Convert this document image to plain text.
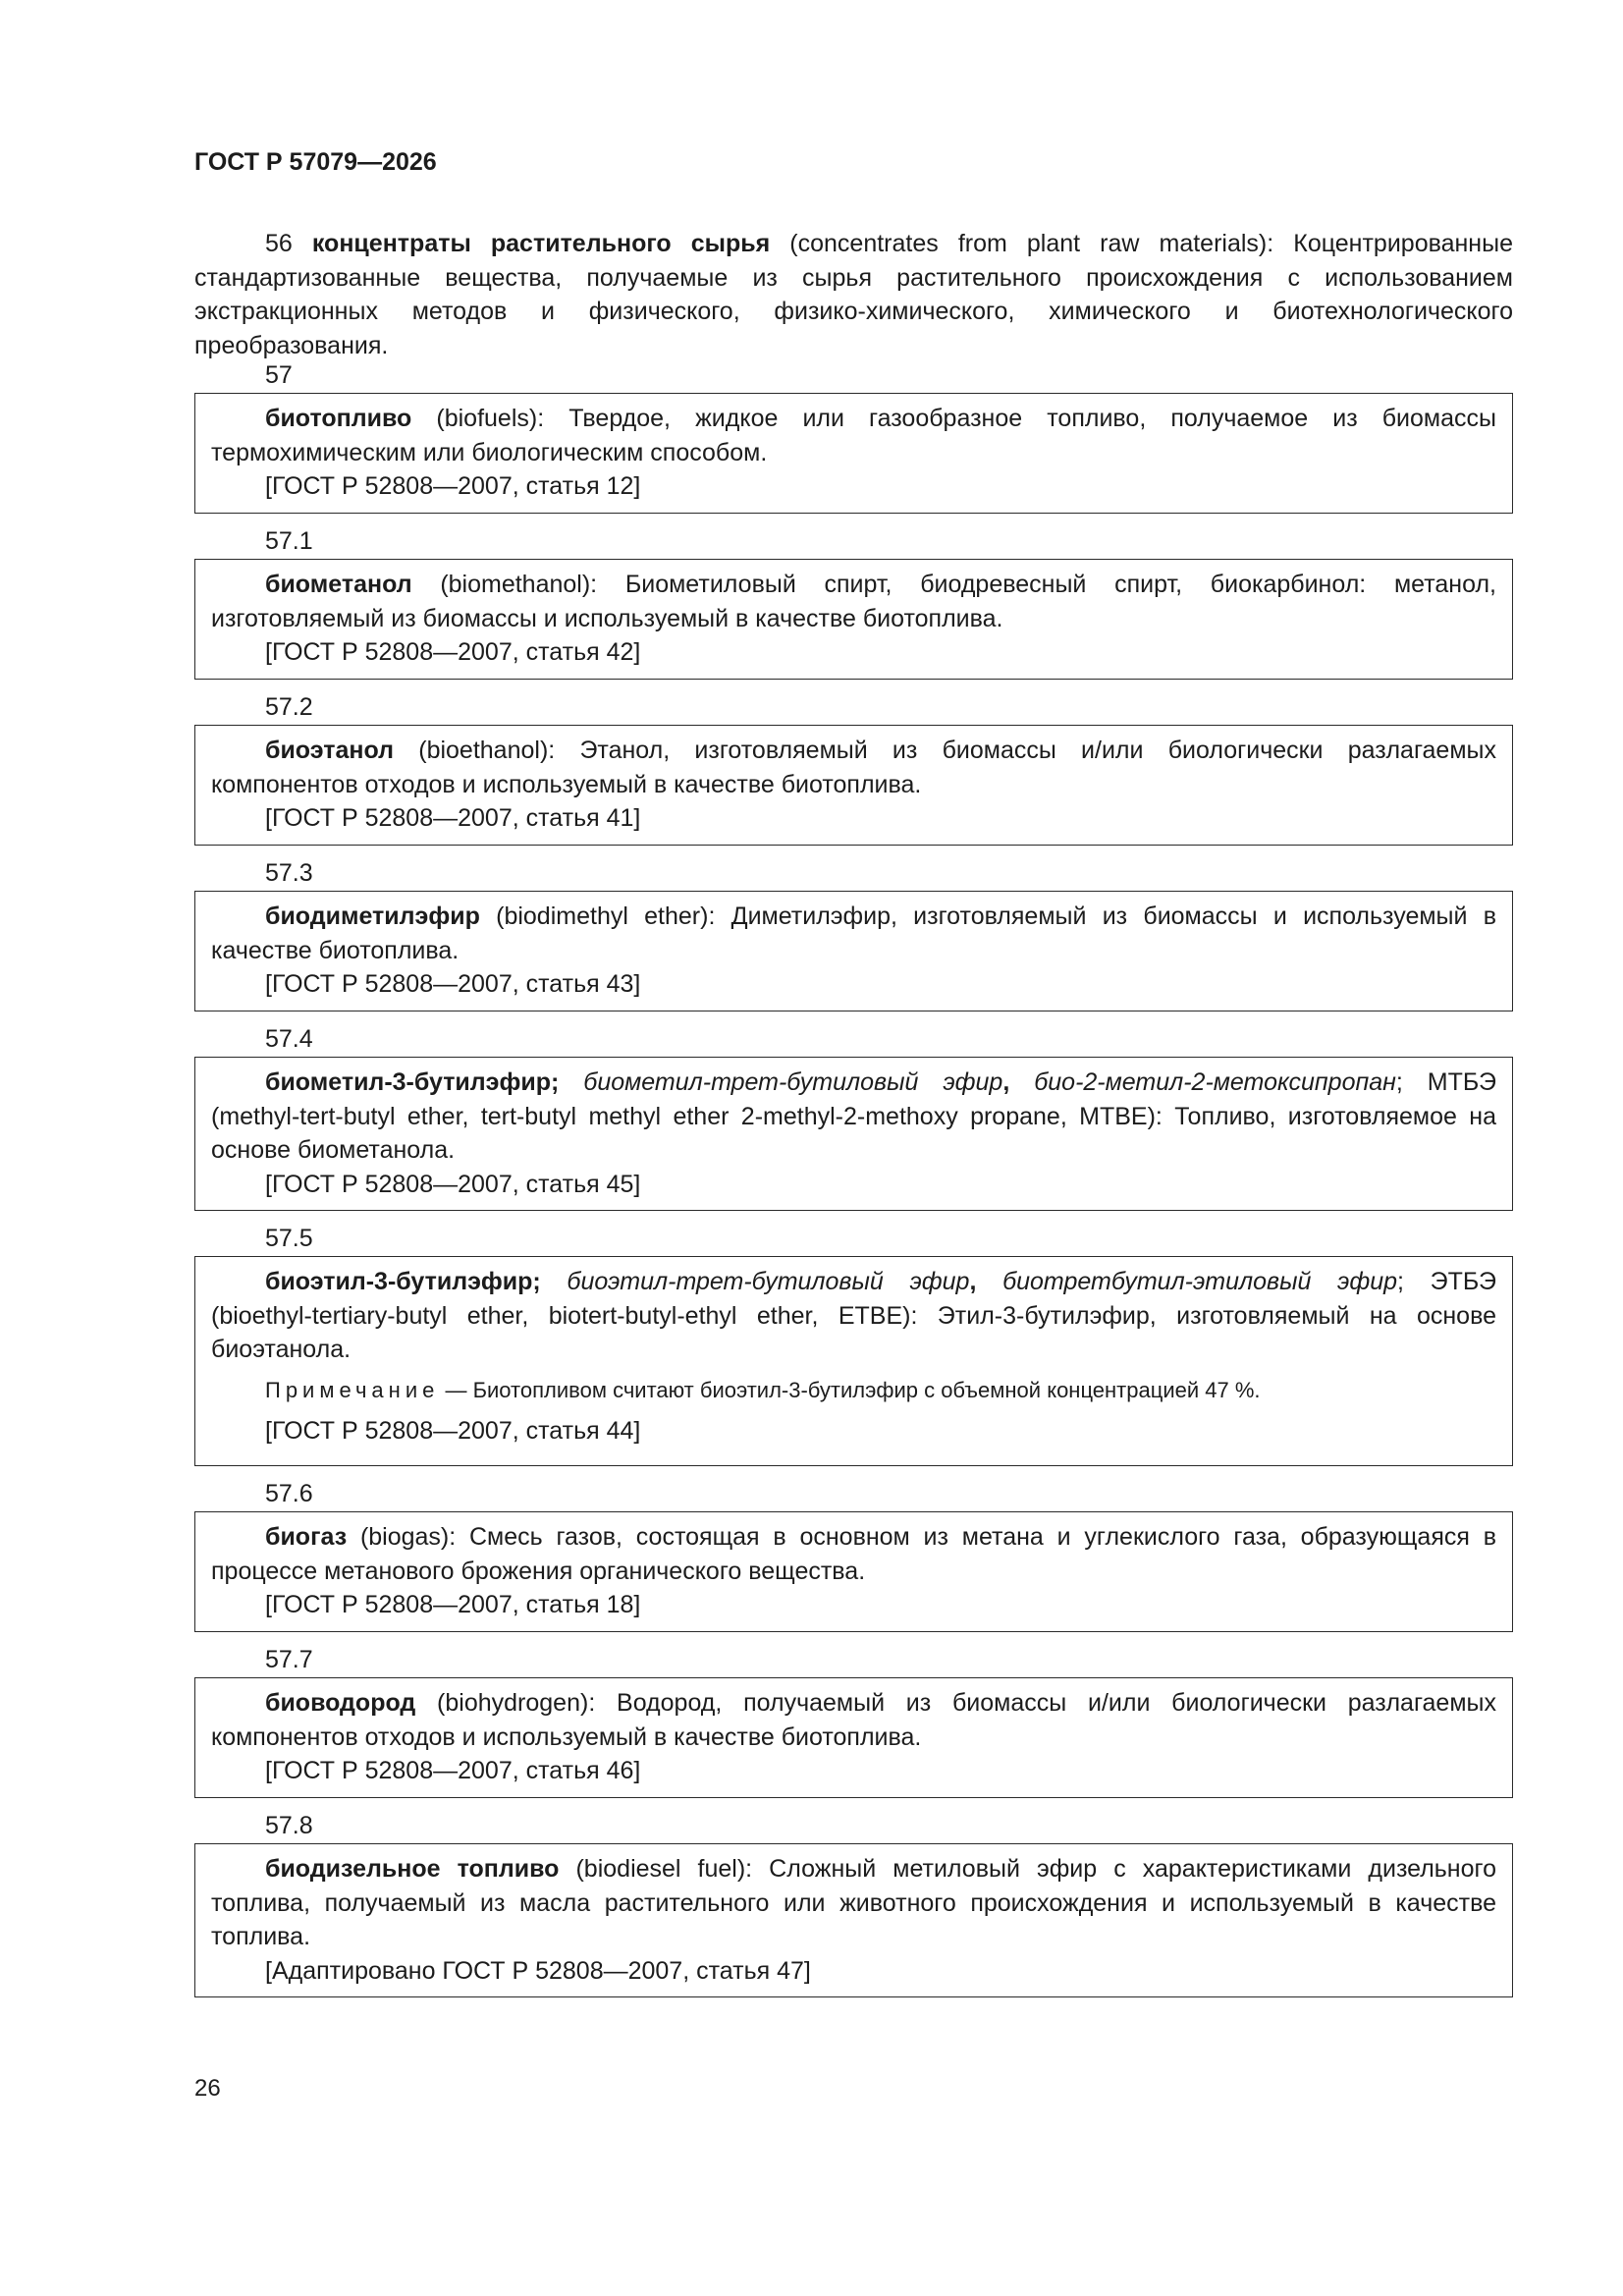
ГОСТ Р 57079—2026

56 концентраты растительного сырья (concentrates from plant raw materials): Коцентрированные стандартизованные вещества, получаемые из сырья растительного происхождения с использованием экстракционных методов и физического, физико-химического, химического и биотехнологического преобразования.

57

биотопливо (biofuels): Твердое, жидкое или газообразное топливо, получаемое из биомассы термохимическим или биологическим способом.

[ГОСТ Р 52808—2007, статья 12]

57.1

биометанол (biomethanol): Биометиловый спирт, биодревесный спирт, биокарбинол: метанол, изготовляемый из биомассы и используемый в качестве биотоплива.

[ГОСТ Р 52808—2007, статья 42]

57.2

биоэтанол (bioethanol): Этанол, изготовляемый из биомассы и/или биологически разлагаемых компонентов отходов и используемый в качестве биотоплива.

[ГОСТ Р 52808—2007, статья 41]

57.3

биодиметилэфир (biodimethyl ether): Диметилэфир, изготовляемый из биомассы и используемый в качестве биотоплива.

[ГОСТ Р 52808—2007, статья 43]

57.4

биометил-3-бутилэфир; биометил-трет-бутиловый эфир, био-2-метил-2-метоксипропан; МТБЭ (methyl-tert-butyl ether, tert-butyl methyl ether 2-methyl-2-methoxy propane, MTBE): Топливо, изготовляемое на основе биометанола.

[ГОСТ Р 52808—2007, статья 45]

57.5

биоэтил-3-бутилэфир; биоэтил-трет-бутиловый эфир, биотретбутил-этиловый эфир; ЭТБЭ (bioethyl-tertiary-butyl ether, biotert-butyl-ethyl ether, ETBE): Этил-3-бутилэфир, изготовляемый на основе биоэтанола.

Примечание — Биотопливом считают биоэтил-3-бутилэфир с объемной концентрацией 47 %.

[ГОСТ Р 52808—2007, статья 44]

57.6

биогаз (biogas): Смесь газов, состоящая в основном из метана и углекислого газа, образующаяся в процессе метанового брожения органического вещества.

[ГОСТ Р 52808—2007, статья 18]

57.7

биоводород (biohydrogen): Водород, получаемый из биомассы и/или биологически разлагаемых компонентов отходов и используемый в качестве биотоплива.

[ГОСТ Р 52808—2007, статья 46]

57.8

биодизельное топливо (biodiesel fuel): Сложный метиловый эфир с характеристиками дизельного топлива, получаемый из масла растительного или животного происхождения и используемый в качестве топлива.

[Адаптировано ГОСТ Р 52808—2007, статья 47]

26
